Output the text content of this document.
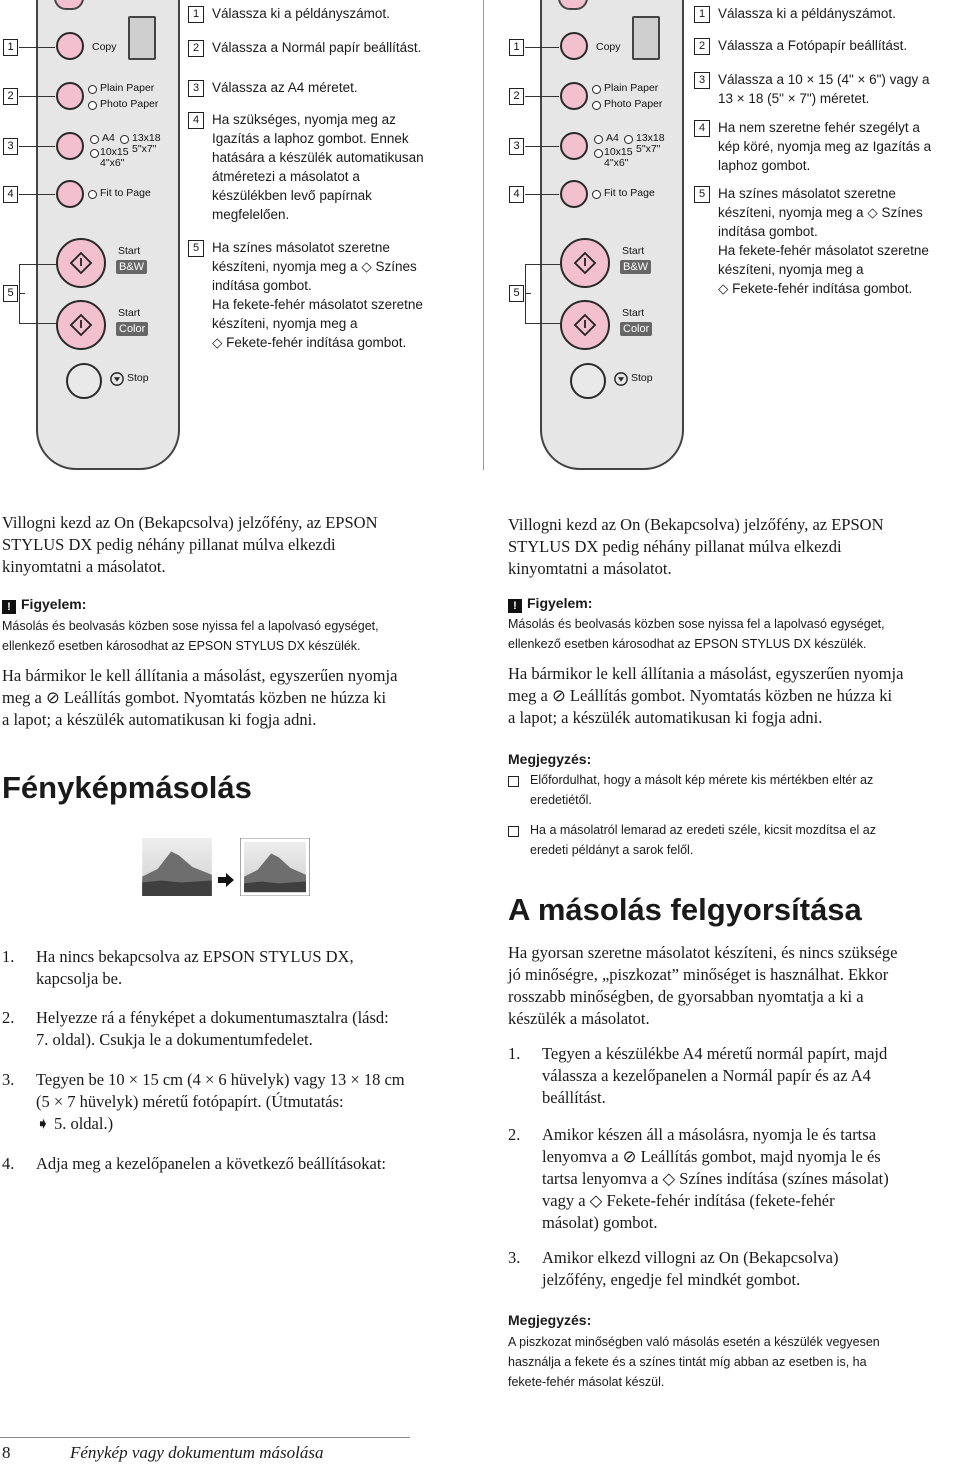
Copy
Plain Paper
Photo Paper
A4 13x18
5"x7"
10x15
4"x6"
Fit to Page
Start
B&W
Start
Color
Stop
1
2
3
4
5
1 Válassza ki a példányszámot.
2 Válassza a Normál papír beállítást.
3 Válassza az A4 méretet.
4 Ha szükséges, nyomja meg az
Igazítás a laphoz gombot. Ennek
hatására a készülék automatikusan
átméretezi a másolatot a
készülékben levő papírnak
megfelelően.
5 Ha színes másolatot szeretne
készíteni, nyomja meg a ◇ Színes
indítása gombot.
Ha fekete-fehér másolatot szeretne
készíteni, nyomja meg a
◇ Fekete-fehér indítása gombot.
Copy
Plain Paper
Photo Paper
A4 13x18
5"x7"
10x15
4"x6"
Fit to Page
Start
B&W
Start
Color
Stop
1
2
3
4
5
1 Válassza ki a példányszámot.
2 Válassza a Fotópapír beállítást.
3 Válassza a 10 × 15 (4" × 6") vagy a
13 × 18 (5" × 7") méretet.
4 Ha nem szeretne fehér szegélyt a
kép köré, nyomja meg az Igazítás a
laphoz gombot.
5 Ha színes másolatot szeretne
készíteni, nyomja meg a ◇ Színes
indítása gombot.
Ha fekete-fehér másolatot szeretne
készíteni, nyomja meg a
◇ Fekete-fehér indítása gombot.
Villogni kezd az On (Bekapcsolva) jelzőfény, az EPSON
STYLUS DX pedig néhány pillanat múlva elkezdi
kinyomtatni a másolatot.
! Figyelem:
Másolás és beolvasás közben sose nyissa fel a lapolvasó egységet,
ellenkező esetben károsodhat az EPSON STYLUS DX készülék.
Ha bármikor le kell állítania a másolást, egyszerűen nyomja
meg a ⊘ Leállítás gombot. Nyomtatás közben ne húzza ki
a lapot; a készülék automatikusan ki fogja adni.
Fényképmásolás
1. Ha nincs bekapcsolva az EPSON STYLUS DX,
kapcsolja be.
2. Helyezze rá a fényképet a dokumentumasztalra (lásd:
7. oldal). Csukja le a dokumentumfedelet.
3. Tegyen be 10 × 15 cm (4 × 6 hüvelyk) vagy 13 × 18 cm
(5 × 7 hüvelyk) méretű fotópapírt. (Útmutatás:
➧ 5. oldal.)
4. Adja meg a kezelőpanelen a következő beállításokat:
Villogni kezd az On (Bekapcsolva) jelzőfény, az EPSON
STYLUS DX pedig néhány pillanat múlva elkezdi
kinyomtatni a másolatot.
! Figyelem:
Másolás és beolvasás közben sose nyissa fel a lapolvasó egységet,
ellenkező esetben károsodhat az EPSON STYLUS DX készülék.
Ha bármikor le kell állítania a másolást, egyszerűen nyomja
meg a ⊘ Leállítás gombot. Nyomtatás közben ne húzza ki
a lapot; a készülék automatikusan ki fogja adni.
Megjegyzés:
Előfordulhat, hogy a másolt kép mérete kis mértékben eltér az
eredetiétől.
Ha a másolatról lemarad az eredeti széle, kicsit mozdítsa el az
eredeti példányt a sarok felől.
A másolás felgyorsítása
Ha gyorsan szeretne másolatot készíteni, és nincs szüksége
jó minőségre, „piszkozat” minőséget is használhat. Ekkor
rosszabb minőségben, de gyorsabban nyomtatja a ki a
készülék a másolatot.
1. Tegyen a készülékbe A4 méretű normál papírt, majd
válassza a kezelőpanelen a Normál papír és az A4
beállítást.
2. Amikor készen áll a másolásra, nyomja le és tartsa
lenyomva a ⊘ Leállítás gombot, majd nyomja le és
tartsa lenyomva a ◇ Színes indítása (színes másolat)
vagy a ◇ Fekete-fehér indítása (fekete-fehér
másolat) gombot.
3. Amikor elkezd villogni az On (Bekapcsolva)
jelzőfény, engedje fel mindkét gombot.
Megjegyzés:
A piszkozat minőségben való másolás esetén a készülék vegyesen
használja a fekete és a színes tintát míg abban az esetben is, ha
fekete-fehér másolat készül.
8	Fénykép vagy dokumentum másolása
